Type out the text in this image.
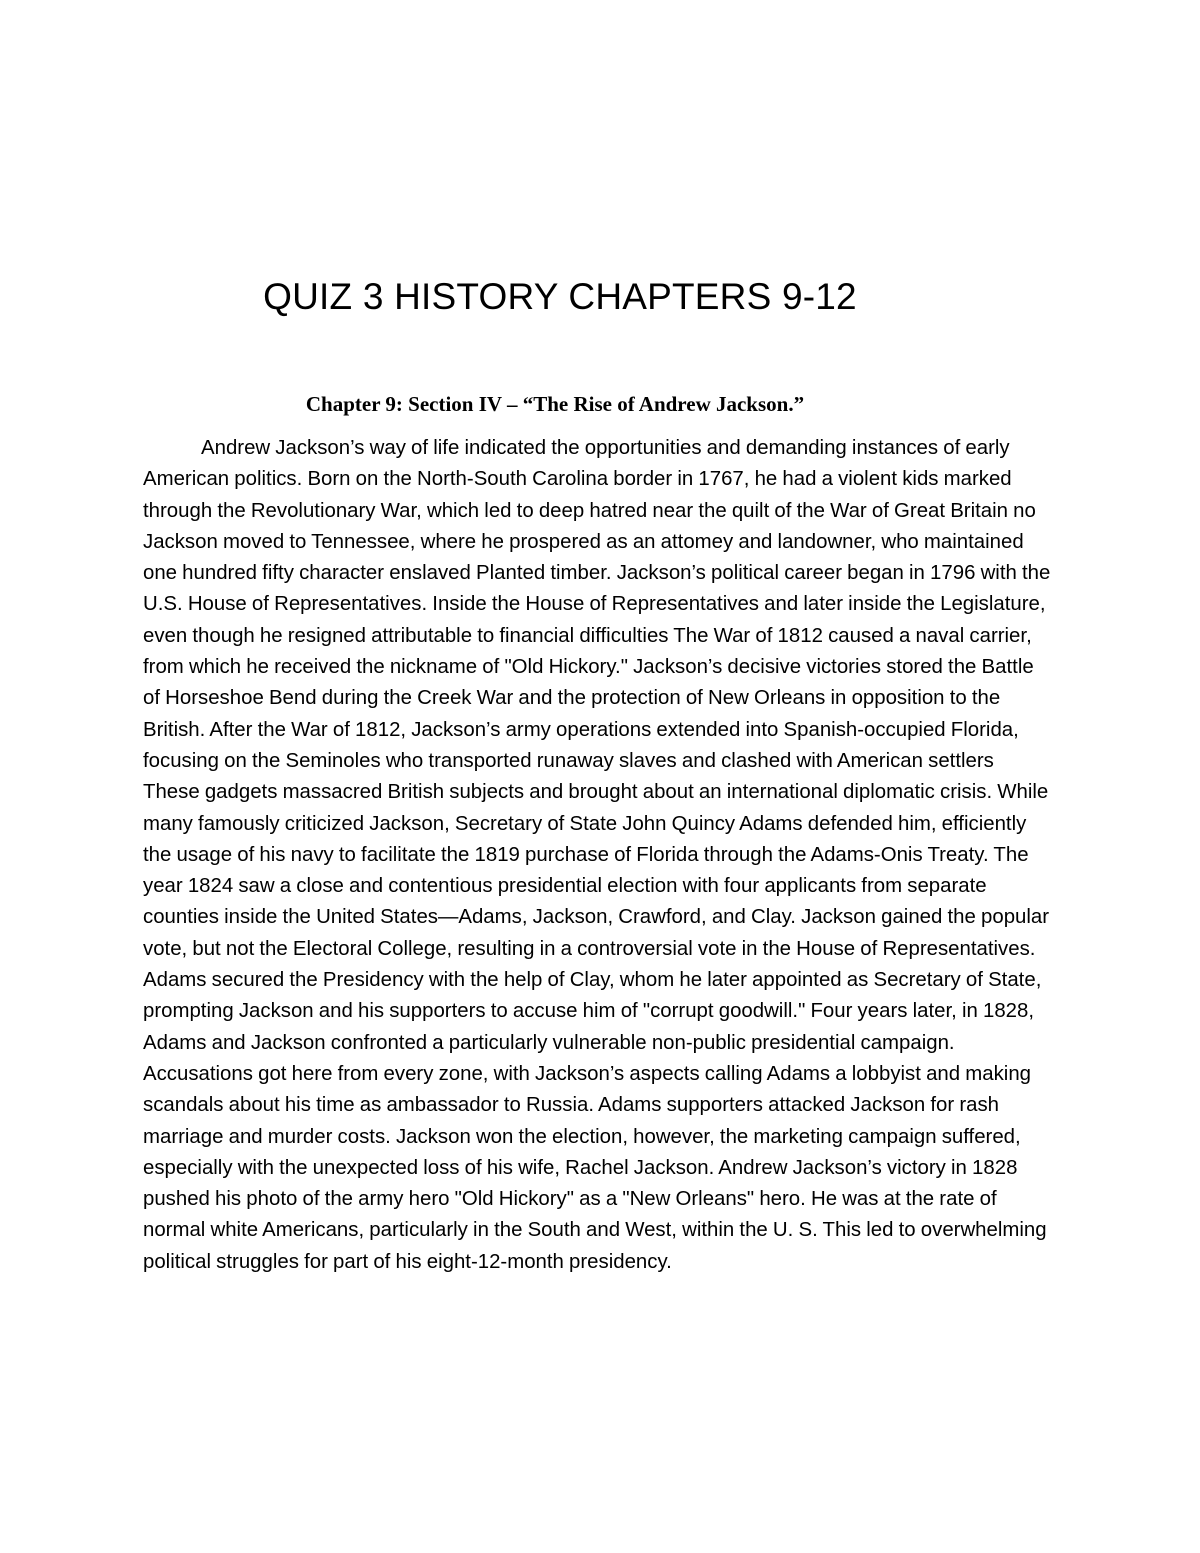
QUIZ 3 HISTORY CHAPTERS 9-12
Chapter 9: Section IV – “The Rise of Andrew Jackson.”

Andrew Jackson’s way of life indicated the opportunities and demanding instances of early American politics. Born on the North-South Carolina border in 1767, he had a violent kids marked through the Revolutionary War, which led to deep hatred near the quilt of the War of Great Britain no Jackson moved to Tennessee, where he prospered as an attomey and landowner, who maintained one hundred fifty character enslaved Planted timber. Jackson’s political career began in 1796 with the U.S. House of Representatives. Inside the House of Representatives and later inside the Legislature, even though he resigned attributable to financial difficulties The War of 1812 caused a naval carrier, from which he received the nickname of "Old Hickory." Jackson’s decisive victories stored the Battle of Horseshoe Bend during the Creek War and the protection of New Orleans in opposition to the British. After the War of 1812, Jackson’s army operations extended into Spanish-occupied Florida, focusing on the Seminoles who transported runaway slaves and clashed with American settlers These gadgets massacred British subjects and brought about an international diplomatic crisis. While many famously criticized Jackson, Secretary of State John Quincy Adams defended him, efficiently the usage of his navy to facilitate the 1819 purchase of Florida through the Adams-Onis Treaty. The year 1824 saw a close and contentious presidential election with four applicants from separate counties inside the United States—Adams, Jackson, Crawford, and Clay. Jackson gained the popular vote, but not the Electoral College, resulting in a controversial vote in the House of Representatives. Adams secured the Presidency with the help of Clay, whom he later appointed as Secretary of State, prompting Jackson and his supporters to accuse him of "corrupt goodwill." Four years later, in 1828, Adams and Jackson confronted a particularly vulnerable non-public presidential campaign. Accusations got here from every zone, with Jackson’s aspects calling Adams a lobbyist and making scandals about his time as ambassador to Russia. Adams supporters attacked Jackson for rash marriage and murder costs. Jackson won the election, however, the marketing campaign suffered, especially with the unexpected loss of his wife, Rachel Jackson. Andrew Jackson’s victory in 1828 pushed his photo of the army hero "Old Hickory" as a "New Orleans" hero. He was at the rate of normal white Americans, particularly in the South and West, within the U. S. This led to overwhelming political struggles for part of his eight-12-month presidency.
